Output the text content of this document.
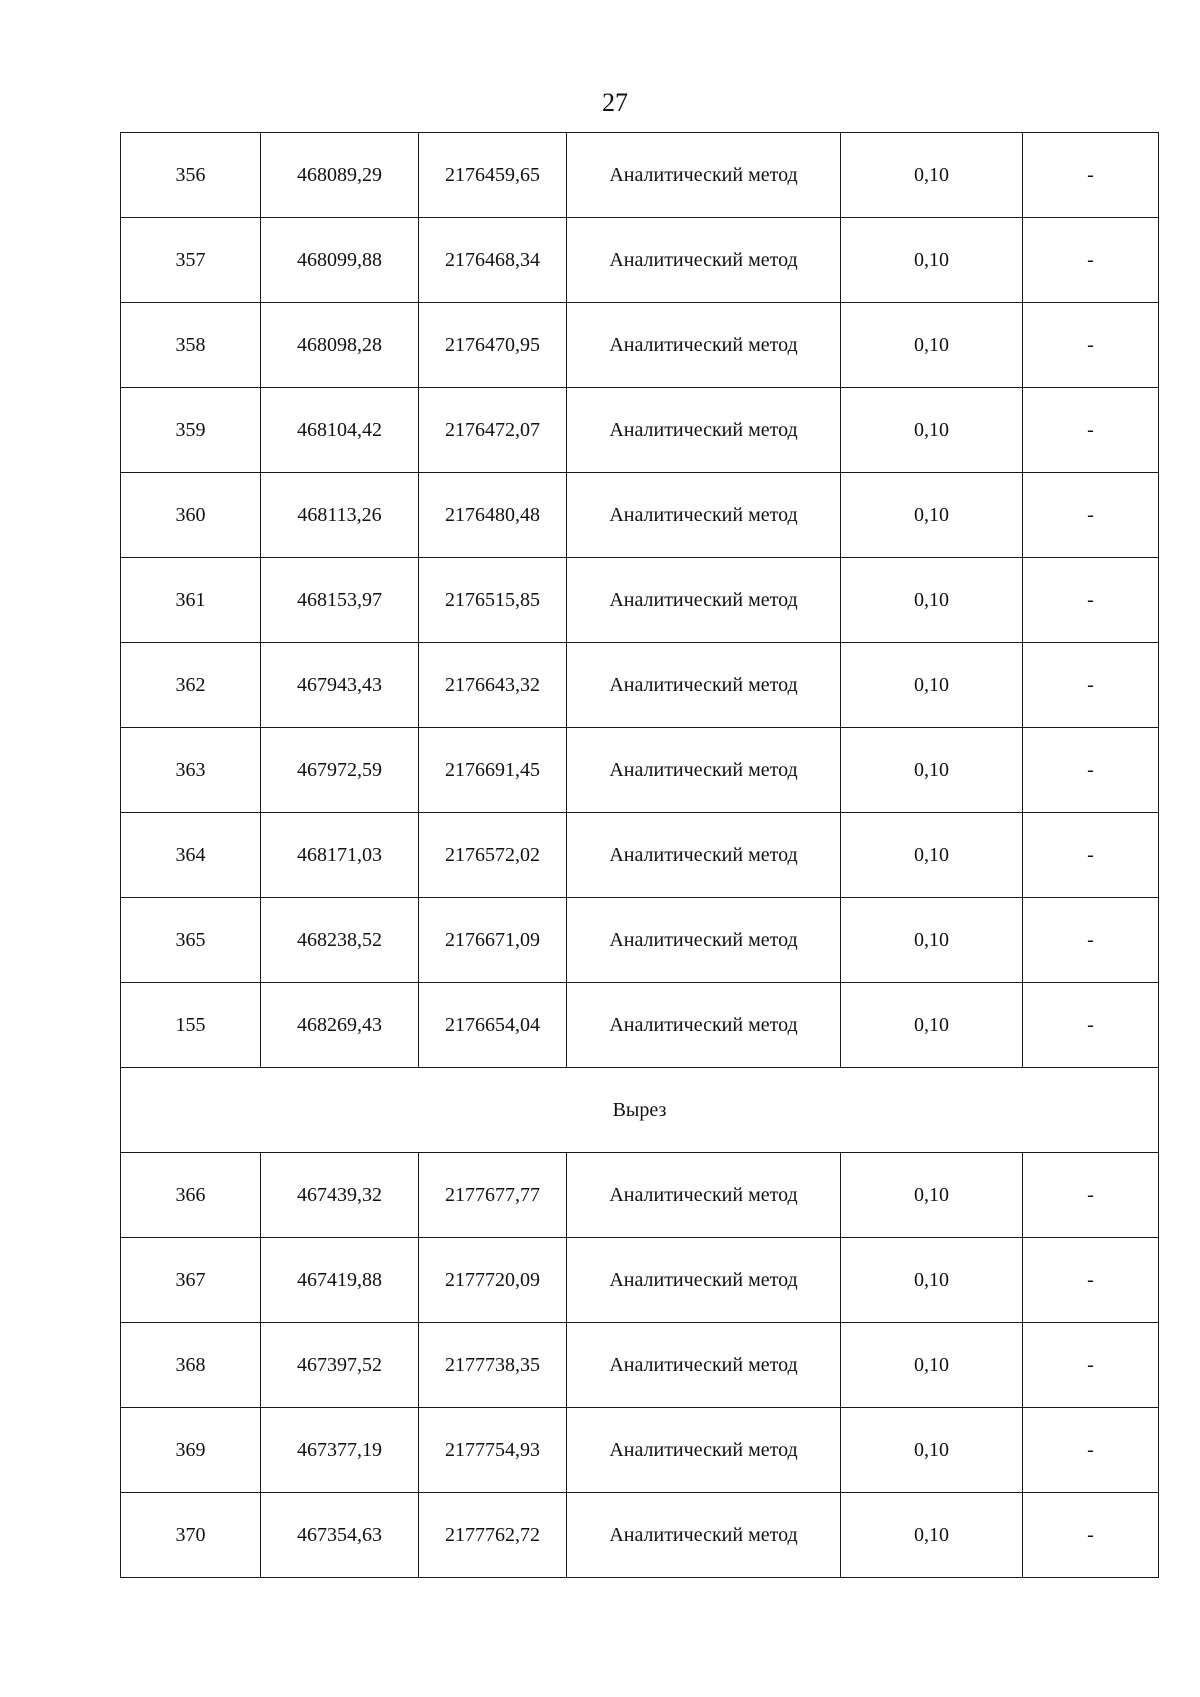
27
356	468089,29	2176459,65	Аналитический метод	0,10	-
357	468099,88	2176468,34	Аналитический метод	0,10	-
358	468098,28	2176470,95	Аналитический метод	0,10	-
359	468104,42	2176472,07	Аналитический метод	0,10	-
360	468113,26	2176480,48	Аналитический метод	0,10	-
361	468153,97	2176515,85	Аналитический метод	0,10	-
362	467943,43	2176643,32	Аналитический метод	0,10	-
363	467972,59	2176691,45	Аналитический метод	0,10	-
364	468171,03	2176572,02	Аналитический метод	0,10	-
365	468238,52	2176671,09	Аналитический метод	0,10	-
155	468269,43	2176654,04	Аналитический метод	0,10	-
Вырез					
366	467439,32	2177677,77	Аналитический метод	0,10	-
367	467419,88	2177720,09	Аналитический метод	0,10	-
368	467397,52	2177738,35	Аналитический метод	0,10	-
369	467377,19	2177754,93	Аналитический метод	0,10	-
370	467354,63	2177762,72	Аналитический метод	0,10	-
